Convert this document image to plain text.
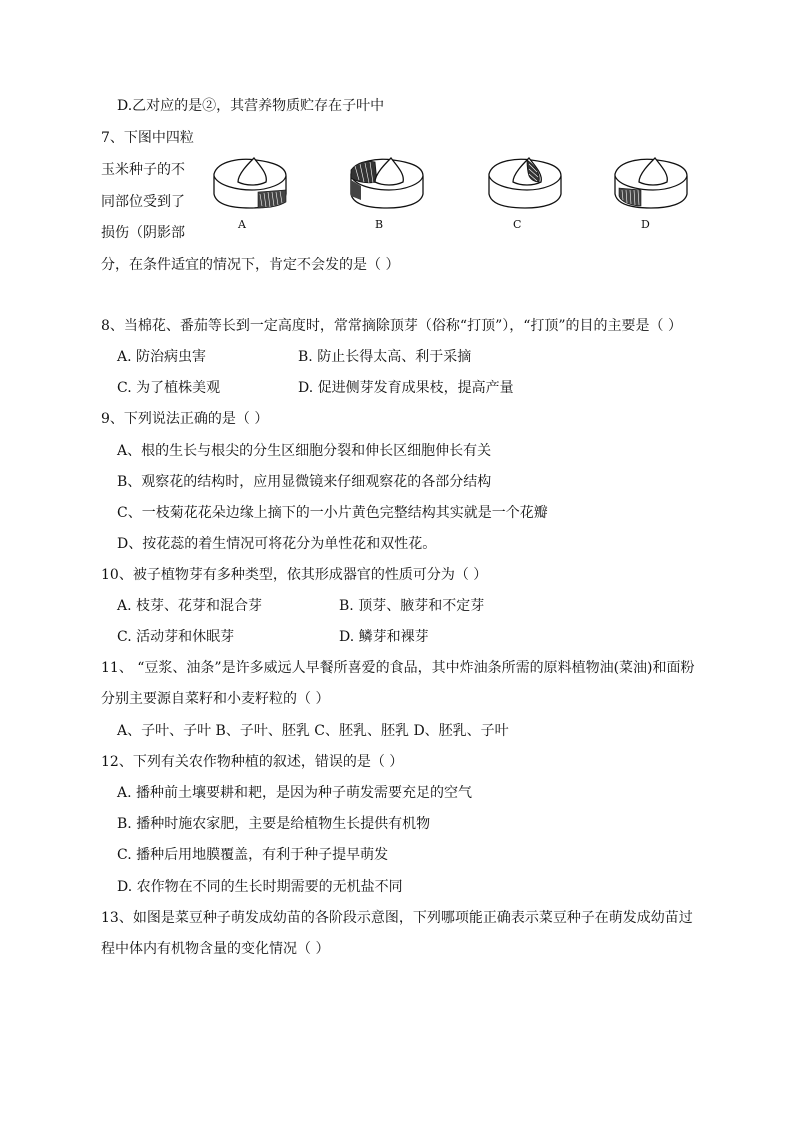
D.乙对应的是②，其营养物质贮存在子叶中
7、下图中四粒
玉米种子的不
同部位受到了
损伤（阴影部
A	B	C	D
分，在条件适宜的情况下，肯定不会发的是（ ）
8、当棉花、番茄等长到一定高度时，常常摘除顶芽（俗称“打顶”），“打顶”的目的主要是（ ）
A. 防治病虫害	B. 防止长得太高、利于采摘
C. 为了植株美观	D. 促进侧芽发育成果枝，提高产量
9、下列说法正确的是（ ）
A、根的生长与根尖的分生区细胞分裂和伸长区细胞伸长有关
B、观察花的结构时，应用显微镜来仔细观察花的各部分结构
C、一枝菊花花朵边缘上摘下的一小片黄色完整结构其实就是一个花瓣
D、按花蕊的着生情况可将花分为单性花和双性花。
10、被子植物芽有多种类型，依其形成器官的性质可分为（ ）
A. 枝芽、花芽和混合芽	B. 顶芽、腋芽和不定芽
C. 活动芽和休眠芽	D. 鳞芽和裸芽
11、 “豆浆、油条”是许多威远人早餐所喜爱的食品，其中炸油条所需的原料植物油(菜油)和面粉
分别主要源自菜籽和小麦籽粒的（ ）
A、子叶、子叶 B、子叶、胚乳 C、胚乳、胚乳 D、胚乳、子叶
12、下列有关农作物种植的叙述，错误的是（ ）
A. 播种前土壤要耕和耙，是因为种子萌发需要充足的空气
B. 播种时施农家肥，主要是给植物生长提供有机物
C. 播种后用地膜覆盖，有利于种子提早萌发
D. 农作物在不同的生长时期需要的无机盐不同
13、如图是菜豆种子萌发成幼苗的各阶段示意图，下列哪项能正确表示菜豆种子在萌发成幼苗过
程中体内有机物含量的变化情况（ ）
